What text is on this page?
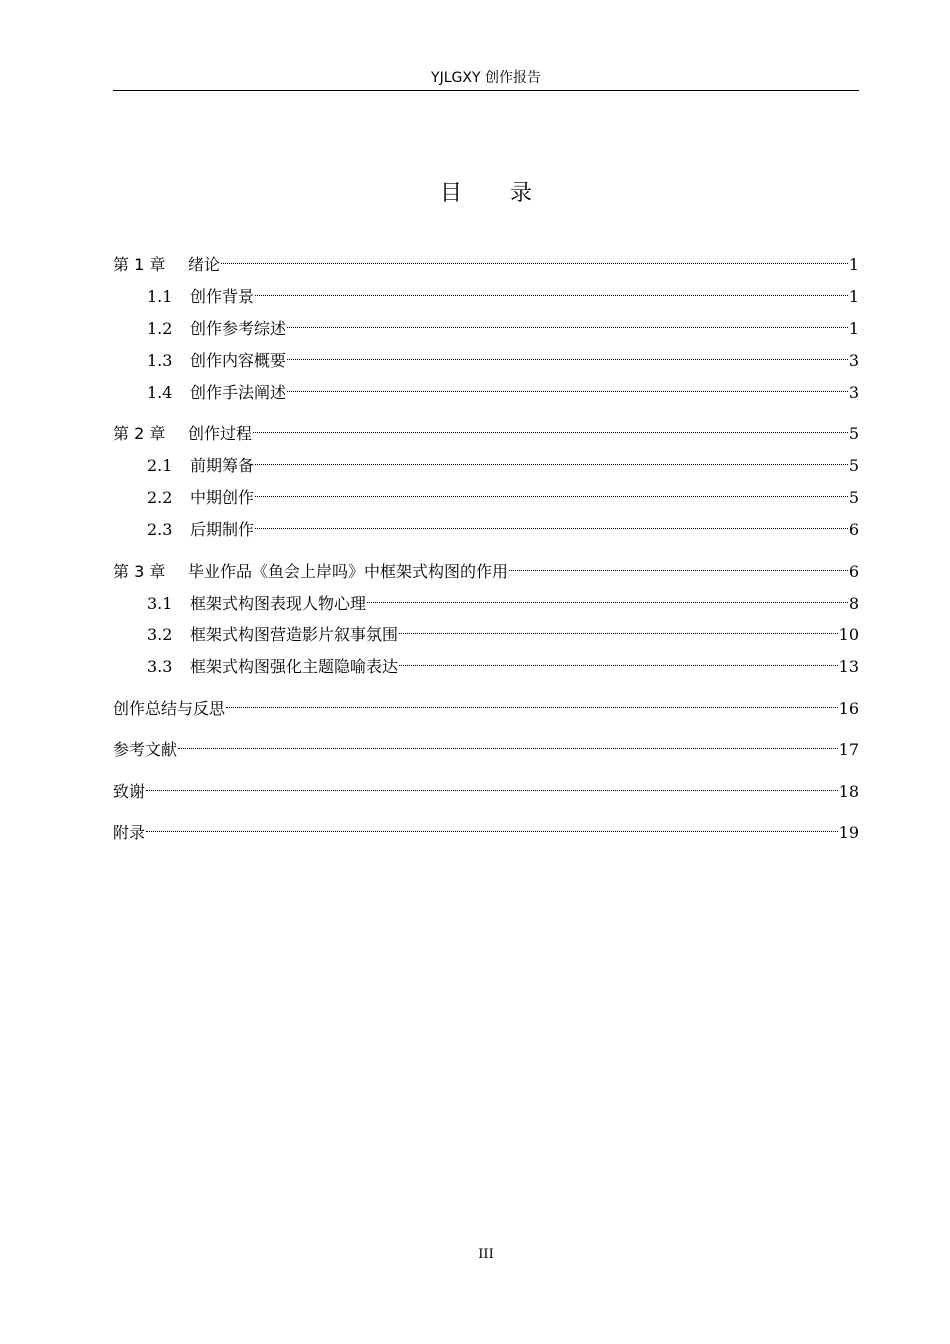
YJLGXY 创作报告
目录
第 1 章	绪论	1
1.1	创作背景	1
1.2	创作参考综述	1
1.3	创作内容概要	3
1.4	创作手法阐述	3
第 2 章	创作过程	5
2.1	前期筹备	5
2.2	中期创作	5
2.3	后期制作	6
第 3 章	毕业作品《鱼会上岸吗》中框架式构图的作用	6
3.1	框架式构图表现人物心理	8
3.2	框架式构图营造影片叙事氛围	10
3.3	框架式构图强化主题隐喻表达	13
创作总结与反思	16
参考文献	17
致谢	18
附录	19
III
